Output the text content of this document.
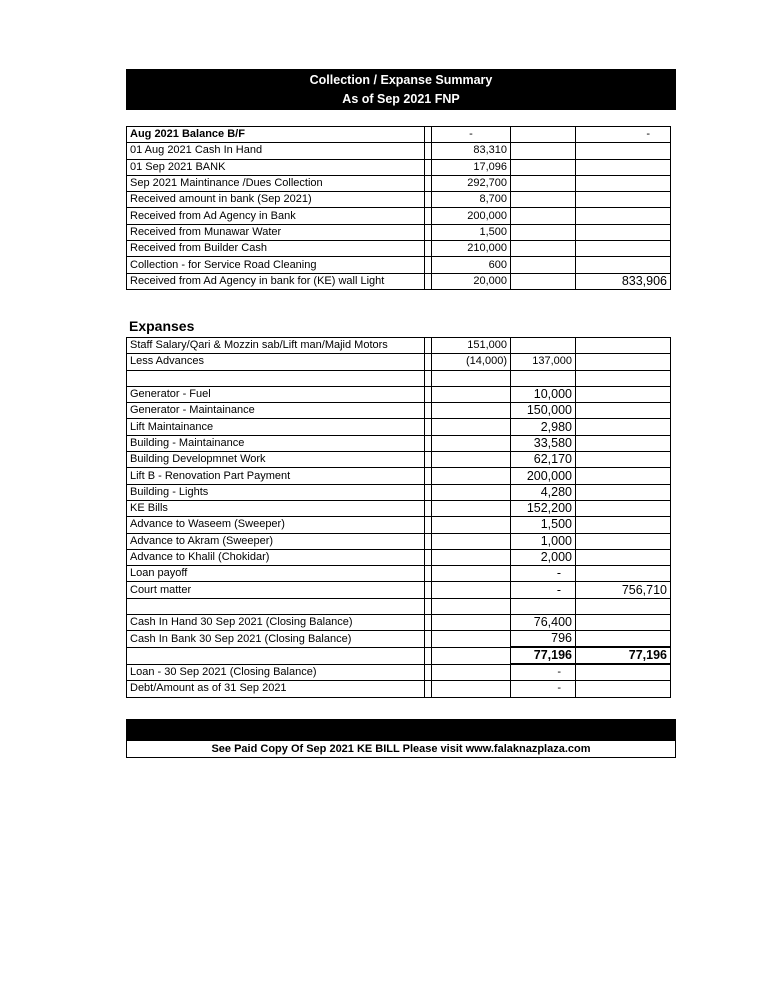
Collection / Expanse Summary
As of Sep 2021 FNP
Aug 2021 Balance B/F		-		-
01 Aug 2021 Cash In Hand		83,310		
01 Sep 2021 BANK		17,096		
Sep 2021 Maintinance /Dues Collection		292,700		
Received amount in bank (Sep 2021)		8,700		
Received from Ad Agency in Bank		200,000		
Received from Munawar Water		1,500		
Received from Builder Cash		210,000		
Collection - for Service Road Cleaning		600		
Received from Ad Agency in bank for (KE) wall Light		20,000		833,906
Expanses
Staff Salary/Qari & Mozzin sab/Lift man/Majid Motors		151,000		
Less Advances		(14,000)	137,000	

Generator - Fuel			10,000	
Generator - Maintainance			150,000	
Lift Maintainance			2,980	
Building - Maintainance			33,580	
Building Developmnet Work			62,170	
Lift B - Renovation Part Payment			200,000	
Building - Lights			4,280	
KE Bills			152,200	
Advance to Waseem (Sweeper)			1,500	
Advance to Akram (Sweeper)			1,000	
Advance to Khalil (Chokidar)			2,000	
Loan payoff			-	
Court matter			-	756,710

Cash In Hand 30 Sep 2021 (Closing Balance)			76,400	
Cash In Bank 30 Sep 2021 (Closing Balance)			796	
			77,196	77,196
Loan - 30 Sep 2021 (Closing Balance)			-	
Debt/Amount as of 31 Sep 2021			-	
See Paid Copy Of Sep 2021 KE BILL Please visit www.falaknazplaza.com
